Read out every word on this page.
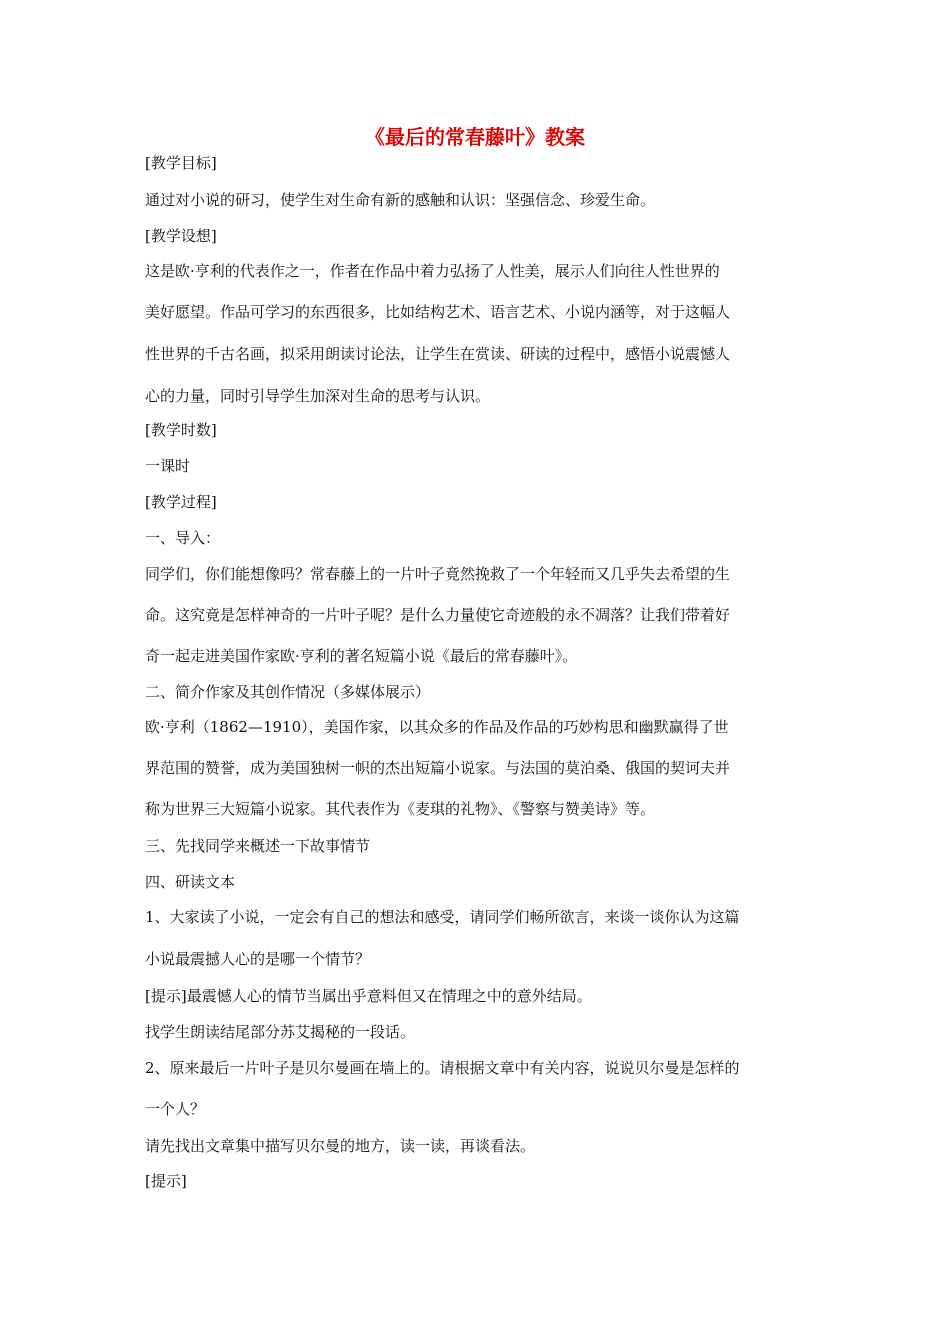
《最后的常春藤叶》教案
[教学目标]
通过对小说的研习，使学生对生命有新的感触和认识：坚强信念、珍爱生命。
[教学设想]
这是欧·亨利的代表作之一，作者在作品中着力弘扬了人性美，展示人们向往人性世界的
美好愿望。作品可学习的东西很多，比如结构艺术、语言艺术、小说内涵等，对于这幅人
性世界的千古名画，拟采用朗读讨论法，让学生在赏读、研读的过程中，感悟小说震憾人
心的力量，同时引导学生加深对生命的思考与认识。
[教学时数]
一课时
[教学过程]
一、导入：
同学们，你们能想像吗？常春藤上的一片叶子竟然挽救了一个年轻而又几乎失去希望的生
命。这究竟是怎样神奇的一片叶子呢？是什么力量使它奇迹般的永不凋落？让我们带着好
奇一起走进美国作家欧·亨利的著名短篇小说《最后的常春藤叶》。
二、简介作家及其创作情况（多媒体展示）
欧·亨利（1862—1910），美国作家，以其众多的作品及作品的巧妙构思和幽默赢得了世
界范围的赞誉，成为美国独树一帜的杰出短篇小说家。与法国的莫泊桑、俄国的契诃夫并
称为世界三大短篇小说家。其代表作为《麦琪的礼物》、《警察与赞美诗》等。
三、先找同学来概述一下故事情节
四、研读文本
1、大家读了小说，一定会有自己的想法和感受，请同学们畅所欲言，来谈一谈你认为这篇
小说最震撼人心的是哪一个情节？
[提示]最震憾人心的情节当属出乎意料但又在情理之中的意外结局。
找学生朗读结尾部分苏艾揭秘的一段话。
2、原来最后一片叶子是贝尔曼画在墙上的。请根据文章中有关内容，说说贝尔曼是怎样的
一个人？
请先找出文章集中描写贝尔曼的地方，读一读，再谈看法。
[提示]
